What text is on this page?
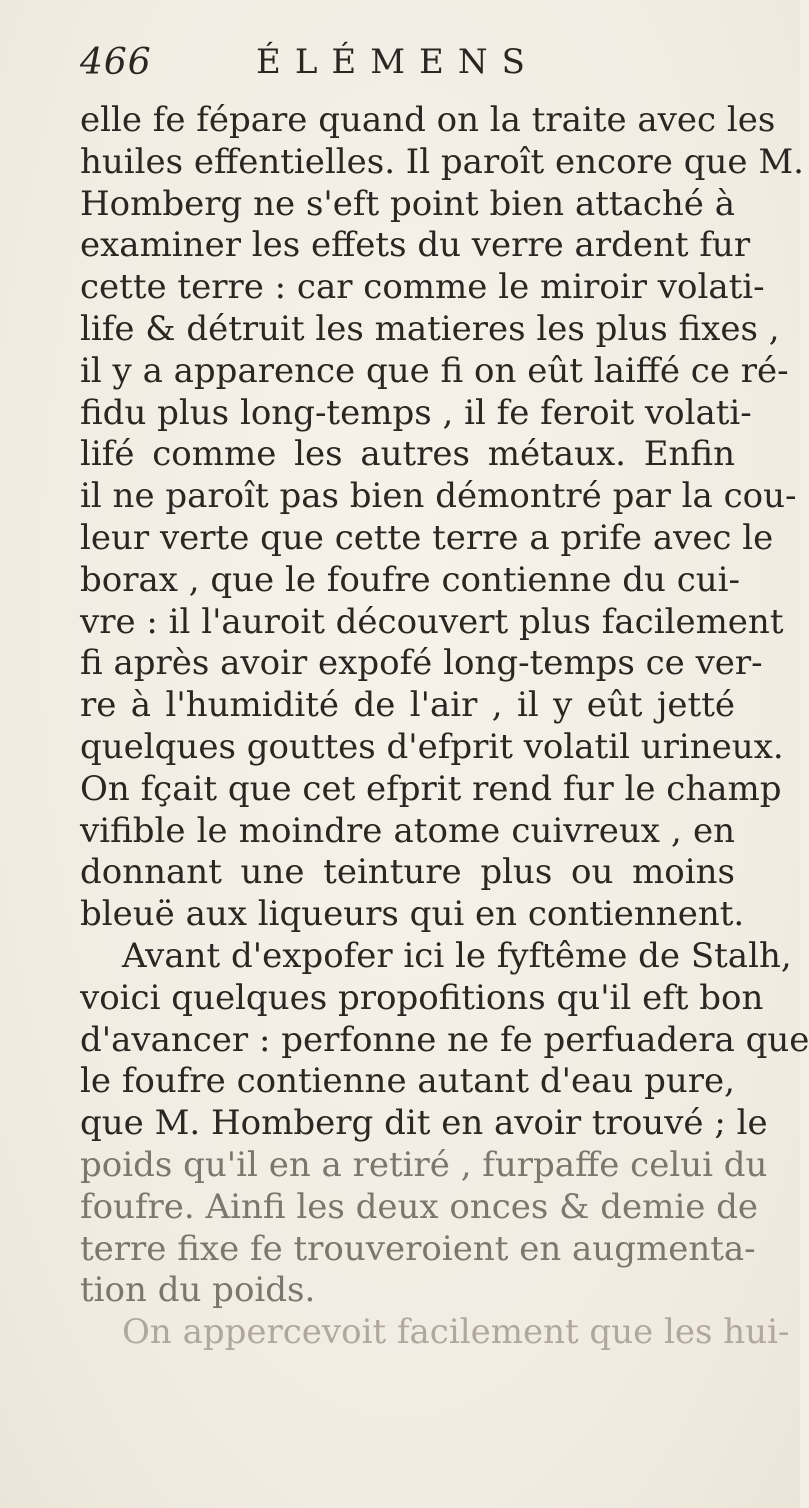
466	ÉLÉMENS
elle fe fépare quand on la traite avec les
huiles effentielles. Il paroît encore que M.
Homberg ne s'eft point bien attaché à
examiner les effets du verre ardent fur
cette terre : car comme le miroir volati-
life & détruit les matieres les plus fixes ,
il y a apparence que fi on eût laiffé ce ré-
fidu plus long-temps , il fe feroit volati-
lifé comme les autres métaux. Enfin
il ne paroît pas bien démontré par la cou-
leur verte que cette terre a prife avec le
borax , que le foufre contienne du cui-
vre : il l'auroit découvert plus facilement
fi après avoir expofé long-temps ce ver-
re à l'humidité de l'air , il y eût jetté
quelques gouttes d'efprit volatil urineux.
On fçait que cet efprit rend fur le champ
vifible le moindre atome cuivreux , en
donnant une teinture plus ou moins
bleuë aux liqueurs qui en contiennent.
Avant d'expofer ici le fyftême de Stalh,
voici quelques propofitions qu'il eft bon
d'avancer : perfonne ne fe perfuadera que
le foufre contienne autant d'eau pure,
que M. Homberg dit en avoir trouvé ; le
poids qu'il en a retiré , furpaffe celui du
foufre. Ainfi les deux onces & demie de
terre fixe fe trouveroient en augmenta-
tion du poids.
On appercevoit facilement que les hui-
